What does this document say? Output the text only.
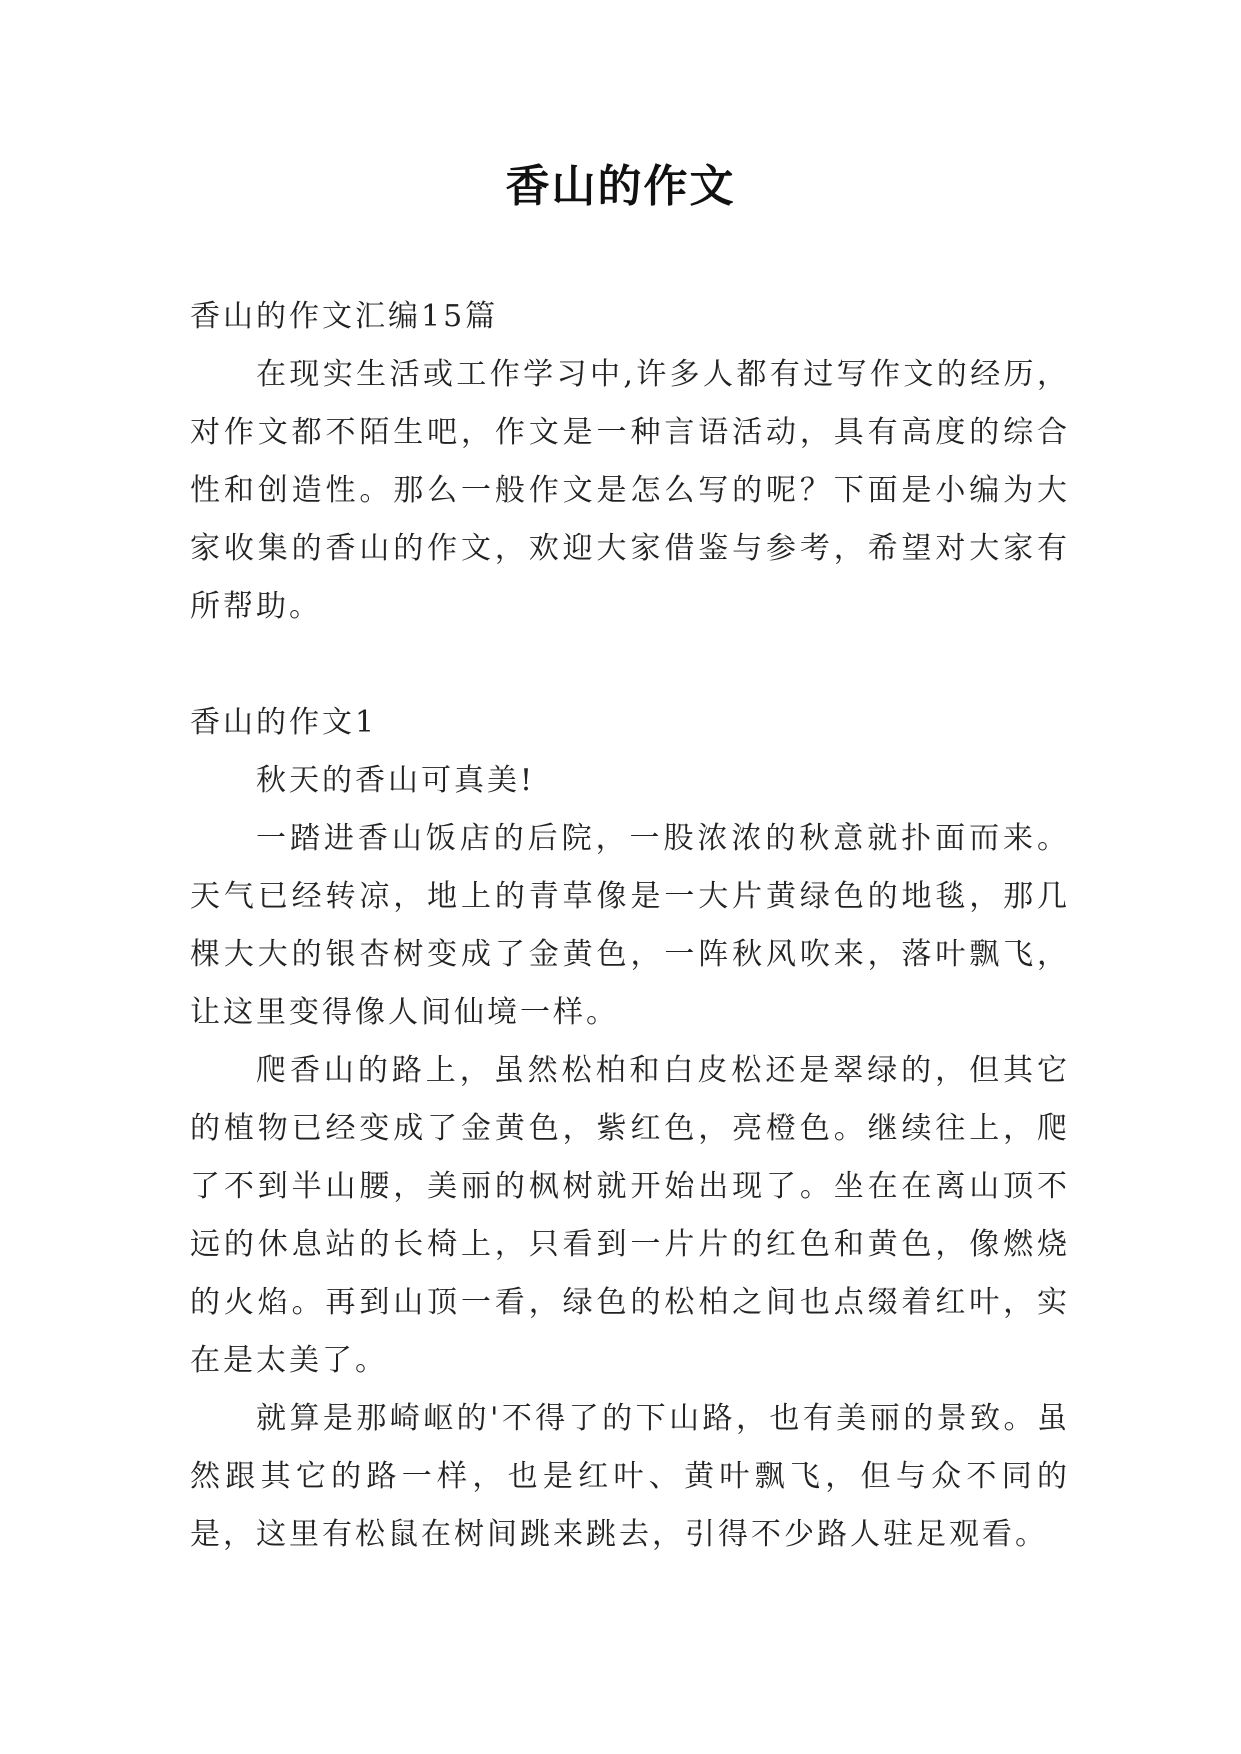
香山的作文

香山的作文汇编15篇

在现实生活或工作学习中,许多人都有过写作文的经历，对作文都不陌生吧，作文是一种言语活动，具有高度的综合性和创造性。那么一般作文是怎么写的呢？下面是小编为大家收集的香山的作文，欢迎大家借鉴与参考，希望对大家有所帮助。

香山的作文1

秋天的香山可真美!

一踏进香山饭店的后院，一股浓浓的秋意就扑面而来。天气已经转凉，地上的青草像是一大片黄绿色的地毯，那几棵大大的银杏树变成了金黄色，一阵秋风吹来，落叶飘飞，让这里变得像人间仙境一样。

爬香山的路上，虽然松柏和白皮松还是翠绿的，但其它的植物已经变成了金黄色，紫红色，亮橙色。继续往上，爬了不到半山腰，美丽的枫树就开始出现了。坐在在离山顶不远的休息站的长椅上，只看到一片片的红色和黄色，像燃烧的火焰。再到山顶一看，绿色的松柏之间也点缀着红叶，实在是太美了。

就算是那崎岖的'不得了的下山路，也有美丽的景致。虽然跟其它的路一样，也是红叶、黄叶飘飞，但与众不同的是，这里有松鼠在树间跳来跳去，引得不少路人驻足观看。
